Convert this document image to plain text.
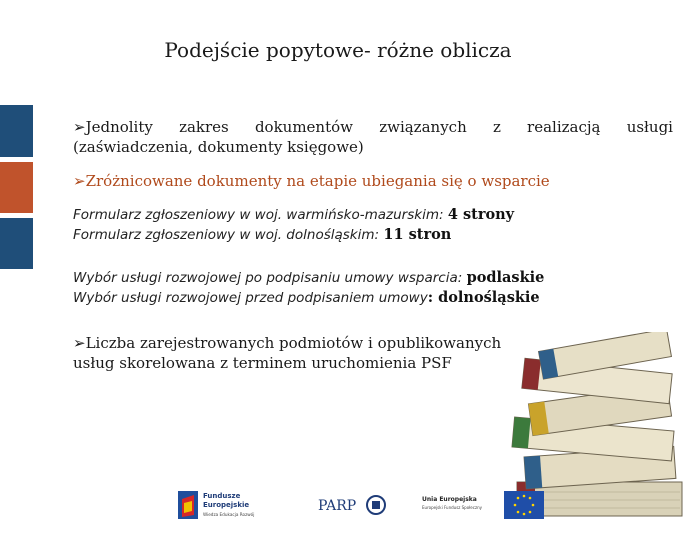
Podejście popytowe- różne oblicza
➢Jednolity zakres dokumentów związanych z realizacją usługi
(zaświadczenia, dokumenty księgowe)
➢Zróżnicowane dokumenty na etapie ubiegania się o wsparcie
Formularz zgłoszeniowy w woj. warmińsko-mazurskim: 4 strony
Formularz zgłoszeniowy w woj. dolnośląskim: 11 stron
Wybór usługi rozwojowej po podpisaniu umowy wsparcia: podlaskie
Wybór usługi rozwojowej przed podpisaniem umowy: dolnośląskie
➢Liczba zarejestrowanych podmiotów i opublikowanych
usług skorelowana z terminem uruchomienia PSF
Fundusze
Europejskie
Wiedza Edukacja Rozwój
PARP	Unia Europejska
Europejski Fundusz Społeczny
